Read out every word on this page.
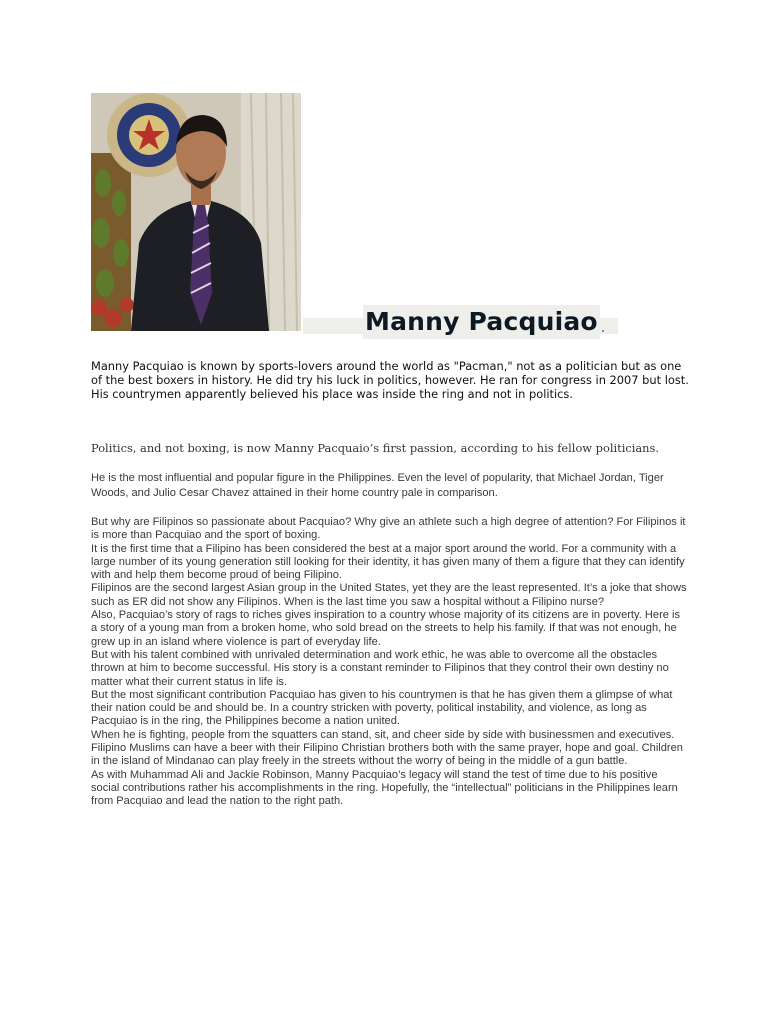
Manny Pacquiao .

Manny Pacquiao is known by sports-lovers around the world as "Pacman," not as a politician but as one of the best boxers in history. He did try his luck in politics, however. He ran for congress in 2007 but lost. His countrymen apparently believed his place was inside the ring and not in politics.

Politics, and not boxing, is now Manny Pacquaio’s first passion, according to his fellow politicians.

He is the most influential and popular figure in the Philippines. Even the level of popularity, that Michael Jordan, Tiger Woods, and Julio Cesar Chavez attained in their home country pale in comparison.

But why are Filipinos so passionate about Pacquiao? Why give an athlete such a high degree of attention? For Filipinos it is more than Pacquiao and the sport of boxing.

It is the first time that a Filipino has been considered the best at a major sport around the world. For a community with a large number of its young generation still looking for their identity, it has given many of them a figure that they can identify with and help them become proud of being Filipino.

Filipinos are the second largest Asian group in the United States, yet they are the least represented. It’s a joke that shows such as ER did not show any Filipinos. When is the last time you saw a hospital without a Filipino nurse?

Also, Pacquiao’s story of rags to riches gives inspiration to a country whose majority of its citizens are in poverty. Here is a story of a young man from a broken home, who sold bread on the streets to help his family. If that was not enough, he grew up in an island where violence is part of everyday life.

But with his talent combined with unrivaled determination and work ethic, he was able to overcome all the obstacles thrown at him to become successful. His story is a constant reminder to Filipinos that they control their own destiny no matter what their current status in life is.

But the most significant contribution Pacquiao has given to his countrymen is that he has given them a glimpse of what their nation could be and should be. In a country stricken with poverty, political instability, and violence, as long as Pacquiao is in the ring, the Philippines become a nation united.

When he is fighting, people from the squatters can stand, sit, and cheer side by side with businessmen and executives.

Filipino Muslims can have a beer with their Filipino Christian brothers both with the same prayer, hope and goal. Children in the island of Mindanao can play freely in the streets without the worry of being in the middle of a gun battle.

As with Muhammad Ali and Jackie Robinson, Manny Pacquiao’s legacy will stand the test of time due to his positive social contributions rather his accomplishments in the ring. Hopefully, the “intellectual” politicians in the Philippines learn from Pacquiao and lead the nation to the right path.
